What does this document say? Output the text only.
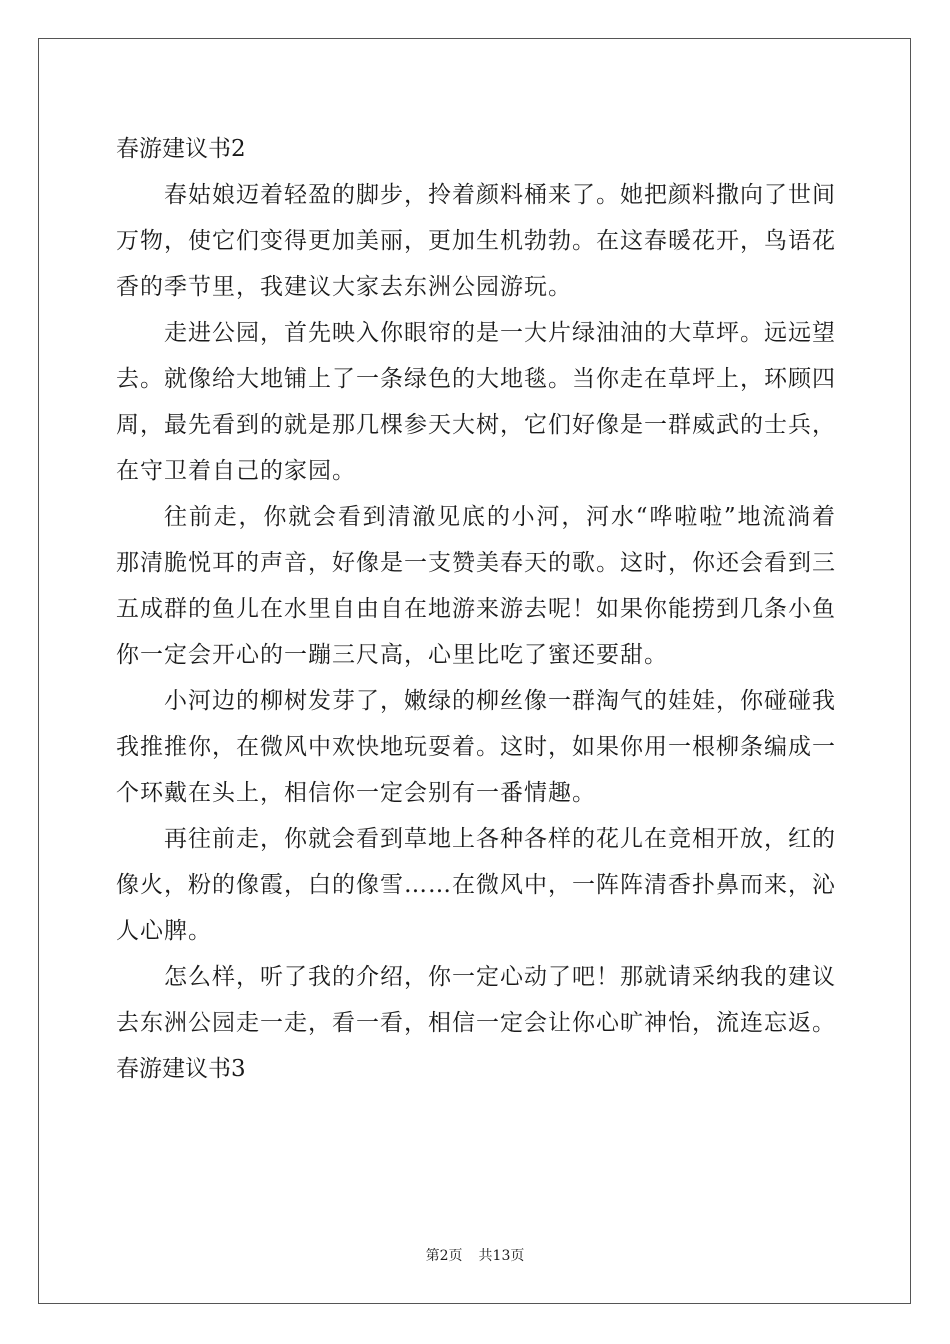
春游建议书2

春姑娘迈着轻盈的脚步，拎着颜料桶来了。她把颜料撒向了世间

万物，使它们变得更加美丽，更加生机勃勃。在这春暖花开，鸟语花

香的季节里，我建议大家去东洲公园游玩。

走进公园，首先映入你眼帘的是一大片绿油油的大草坪。远远望

去。就像给大地铺上了一条绿色的大地毯。当你走在草坪上，环顾四

周，最先看到的就是那几棵参天大树，它们好像是一群威武的士兵，

在守卫着自己的家园。

往前走，你就会看到清澈见底的小河，河水“哗啦啦”地流淌着

那清脆悦耳的声音，好像是一支赞美春天的歌。这时，你还会看到三

五成群的鱼儿在水里自由自在地游来游去呢！如果你能捞到几条小鱼

你一定会开心的一蹦三尺高，心里比吃了蜜还要甜。

小河边的柳树发芽了，嫩绿的柳丝像一群淘气的娃娃，你碰碰我

我推推你，在微风中欢快地玩耍着。这时，如果你用一根柳条编成一

个环戴在头上，相信你一定会别有一番情趣。

再往前走，你就会看到草地上各种各样的花儿在竞相开放，红的

像火，粉的像霞，白的像雪……在微风中，一阵阵清香扑鼻而来，沁

人心脾。

怎么样，听了我的介绍，你一定心动了吧！那就请采纳我的建议

去东洲公园走一走，看一看，相信一定会让你心旷神怡，流连忘返。

春游建议书3

第2页 共13页
